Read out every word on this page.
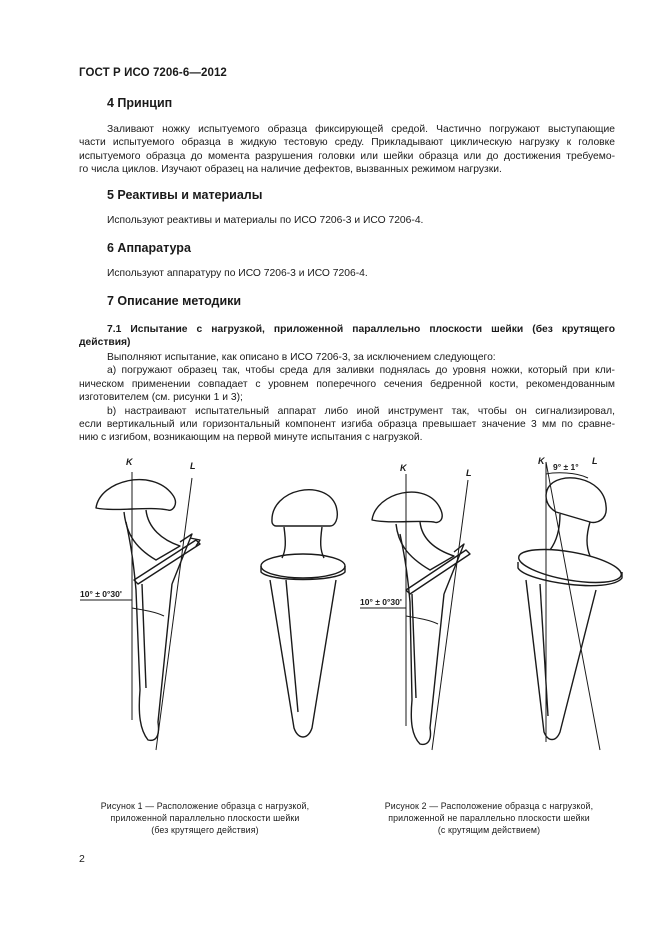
ГОСТ Р ИСО 7206-6—2012
4 Принцип
Заливают ножку испытуемого образца фиксирующей средой. Частично погружают выступающие
части испытуемого образца в жидкую тестовую среду. Прикладывают циклическую нагрузку к головке
испытуемого образца до момента разрушения головки или шейки образца или до достижения требуемо-
го числа циклов. Изучают образец на наличие дефектов, вызванных режимом нагрузки.
5 Реактивы и материалы
Используют реактивы и материалы по ИСО 7206-3 и ИСО 7206-4.
6 Аппаратура
Используют аппаратуру по ИСО 7206-3 и ИСО 7206-4.
7 Описание методики
7.1 Испытание с нагрузкой, приложенной параллельно плоскости шейки (без крутящего
действия)
Выполняют испытание, как описано в ИСО 7206-3, за исключением следующего:
a) погружают образец так, чтобы среда для заливки поднялась до уровня ножки, который при кли-
ническом применении совпадает с уровнем поперечного сечения бедренной кости, рекомендованным
изготовителем (см. рисунки 1 и 3);
b) настраивают испытательный аппарат либо иной инструмент так, чтобы он сигнализировал,
если вертикальный или горизонтальный компонент изгиба образца превышает значение 3 мм по сравне-
нию с изгибом, возникающим на первой минуте испытания с нагрузкой.
K	L
10° ± 0°30'
K	L
10° ± 0°30'
K	L
9° ± 1°
Рисунок 1 — Расположение образца с нагрузкой,
приложенной параллельно плоскости шейки
(без крутящего действия)
Рисунок 2 — Расположение образца с нагрузкой,
приложенной не параллельно плоскости шейки
(с крутящим действием)
2
